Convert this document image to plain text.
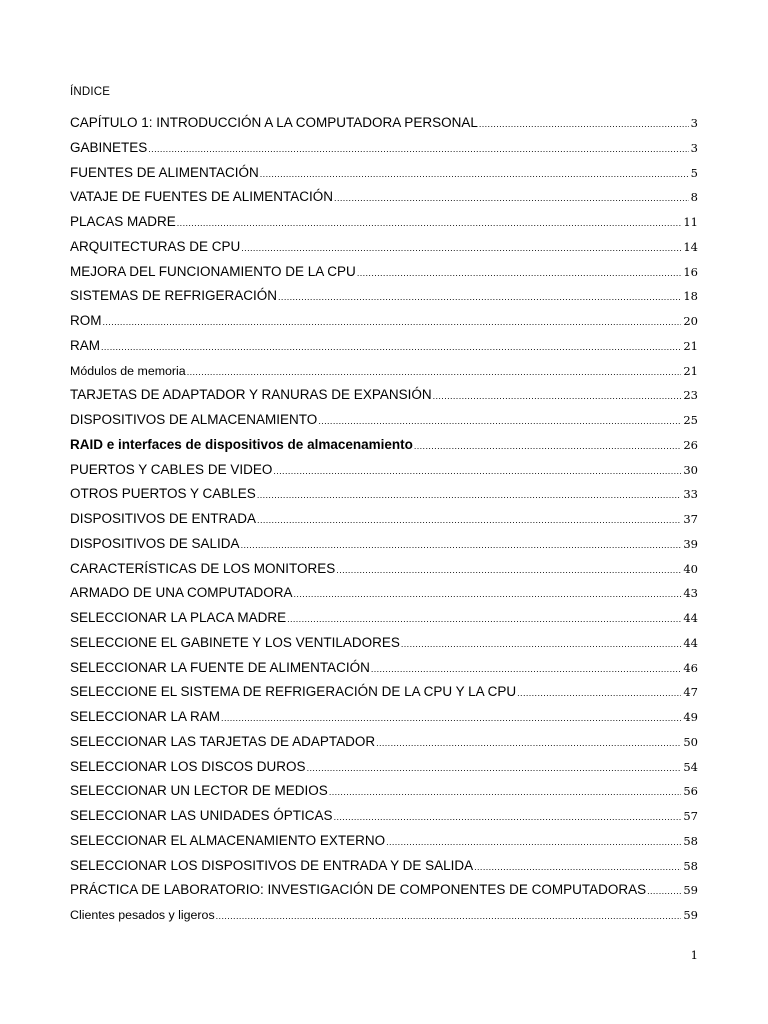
ÍNDICE
CAPÍTULO 1: INTRODUCCIÓN A LA COMPUTADORA PERSONAL .....	3
GABINETES .....	3
FUENTES DE ALIMENTACIÓN .....	5
VATAJE DE FUENTES DE ALIMENTACIÓN .....	8
PLACAS MADRE .....	11
ARQUITECTURAS DE CPU .....	14
MEJORA DEL FUNCIONAMIENTO DE LA CPU .....	16
SISTEMAS DE REFRIGERACIÓN .....	18
ROM .....	20
RAM .....	21
Módulos de memoria .....	21
TARJETAS DE ADAPTADOR Y RANURAS DE EXPANSIÓN .....	23
DISPOSITIVOS DE ALMACENAMIENTO .....	25
RAID e interfaces de dispositivos de almacenamiento .....	26
PUERTOS Y CABLES DE VIDEO .....	30
OTROS PUERTOS Y CABLES .....	33
DISPOSITIVOS DE ENTRADA .....	37
DISPOSITIVOS DE SALIDA .....	39
CARACTERÍSTICAS DE LOS MONITORES .....	40
ARMADO DE UNA COMPUTADORA .....	43
SELECCIONAR LA PLACA MADRE .....	44
SELECCIONE EL GABINETE Y LOS VENTILADORES .....	44
SELECCIONAR LA FUENTE DE ALIMENTACIÓN .....	46
SELECCIONE EL SISTEMA DE REFRIGERACIÓN DE LA CPU Y LA CPU .....	47
SELECCIONAR LA RAM .....	49
SELECCIONAR LAS TARJETAS DE ADAPTADOR .....	50
SELECCIONAR LOS DISCOS DUROS .....	54
SELECCIONAR UN LECTOR DE MEDIOS .....	56
SELECCIONAR LAS UNIDADES ÓPTICAS .....	57
SELECCIONAR EL ALMACENAMIENTO EXTERNO .....	58
SELECCIONAR LOS DISPOSITIVOS DE ENTRADA Y DE SALIDA .....	58
PRÁCTICA DE LABORATORIO: INVESTIGACIÓN DE COMPONENTES DE COMPUTADORAS .....	59
Clientes pesados y ligeros .....	59
1
